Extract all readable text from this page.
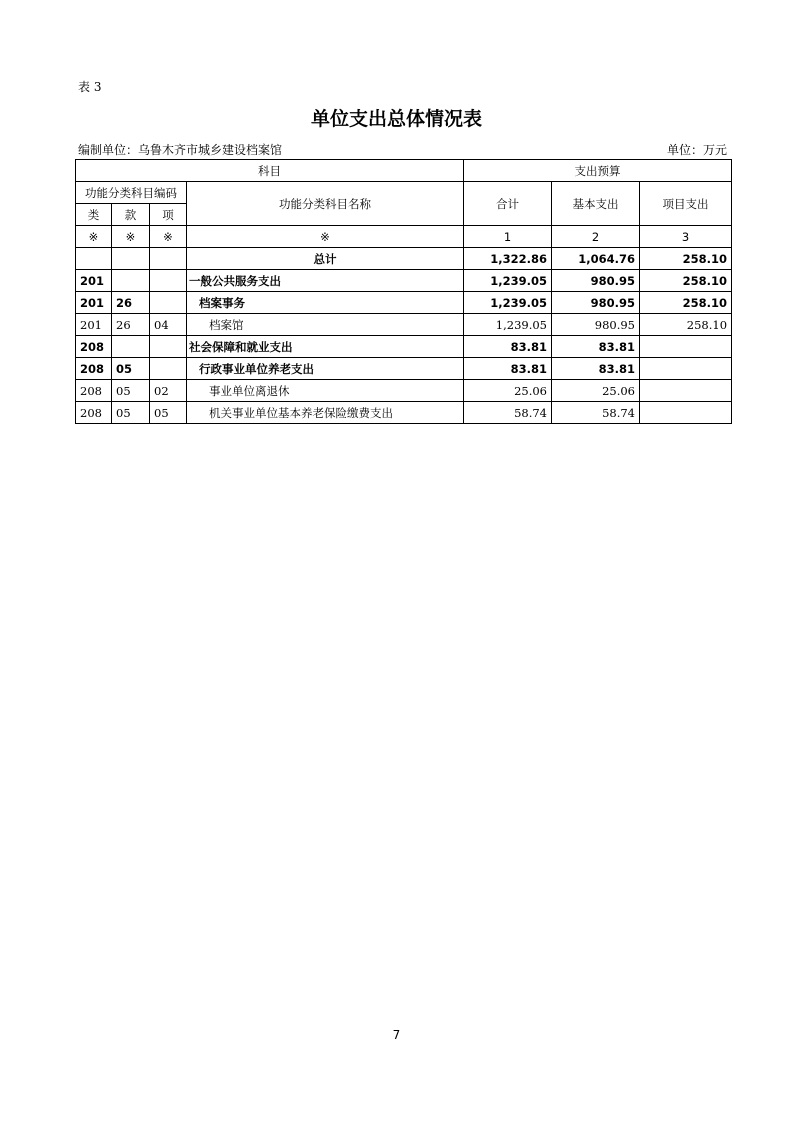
表 3
单位支出总体情况表
编制单位：乌鲁木齐市城乡建设档案馆	单位：万元
科目				支出预算		
功能分类科目编码			功能分类科目名称	合计	基本支出	项目支出
类	款	项				
※	※	※	※	1	2	3
			总计	1,322.86	1,064.76	258.10
201			一般公共服务支出	1,239.05	980.95	258.10
201	26		档案事务	1,239.05	980.95	258.10
201	26	04	档案馆	1,239.05	980.95	258.10
208			社会保障和就业支出	83.81	83.81	
208	05		行政事业单位养老支出	83.81	83.81	
208	05	02	事业单位离退休	25.06	25.06	
208	05	05	机关事业单位基本养老保险缴费支出	58.74	58.74	
7
